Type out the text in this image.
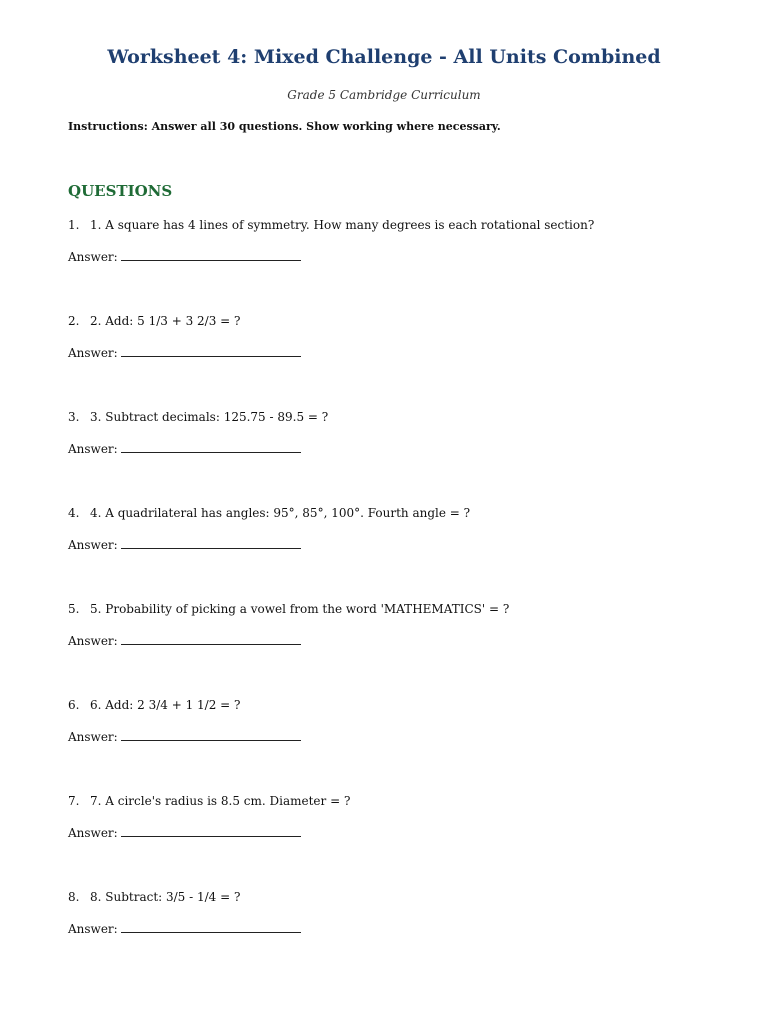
Worksheet 4: Mixed Challenge - All Units Combined

Grade 5 Cambridge Curriculum

Instructions: Answer all 30 questions. Show working where necessary.

QUESTIONS
1. 1. A square has 4 lines of symmetry. How many degrees is each rotational section?
Answer:
2. 2. Add: 5 1/3 + 3 2/3 = ?
Answer:
3. 3. Subtract decimals: 125.75 - 89.5 = ?
Answer:
4. 4. A quadrilateral has angles: 95°, 85°, 100°. Fourth angle = ?
Answer:
5. 5. Probability of picking a vowel from the word 'MATHEMATICS' = ?
Answer:
6. 6. Add: 2 3/4 + 1 1/2 = ?
Answer:
7. 7. A circle's radius is 8.5 cm. Diameter = ?
Answer:
8. 8. Subtract: 3/5 - 1/4 = ?
Answer:
